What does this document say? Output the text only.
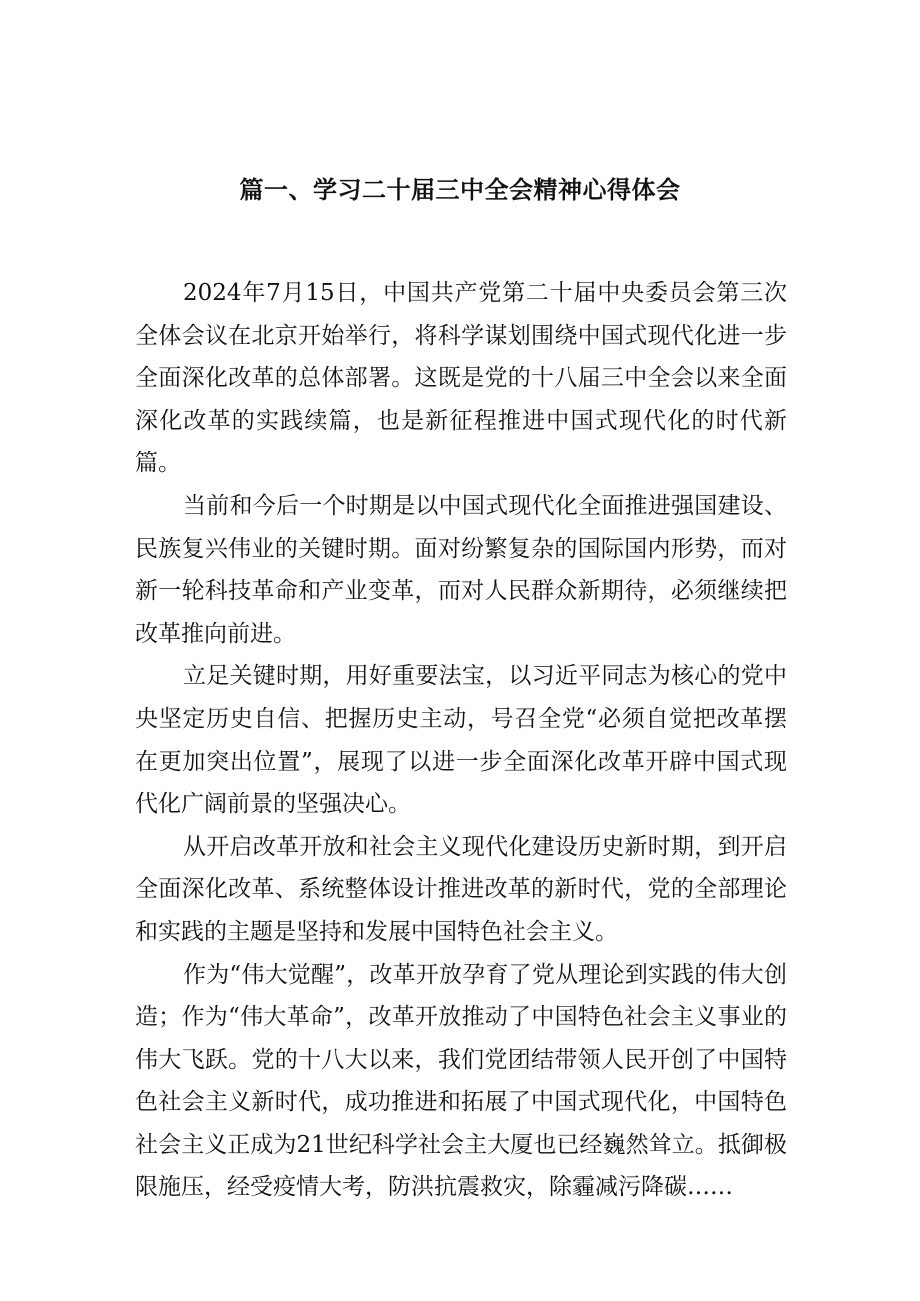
篇一、学习二十届三中全会精神心得体会

2024年7月15日，中国共产党第二十届中央委员会第三次全体会议在北京开始举行，将科学谋划围绕中国式现代化进一步全面深化改革的总体部署。这既是党的十八届三中全会以来全面深化改革的实践续篇，也是新征程推进中国式现代化的时代新篇。

当前和今后一个时期是以中国式现代化全面推进强国建设、民族复兴伟业的关键时期。面对纷繁复杂的国际国内形势，而对新一轮科技革命和产业变革，而对人民群众新期待，必须继续把改革推向前进。

立足关键时期，用好重要法宝，以习近平同志为核心的党中央坚定历史自信、把握历史主动，号召全党“必须自觉把改革摆在更加突出位置”，展现了以进一步全面深化改革开辟中国式现代化广阔前景的坚强决心。

从开启改革开放和社会主义现代化建设历史新时期，到开启全面深化改革、系统整体设计推进改革的新时代，党的全部理论和实践的主题是坚持和发展中国特色社会主义。

作为“伟大觉醒”，改革开放孕育了党从理论到实践的伟大创造；作为“伟大革命”，改革开放推动了中国特色社会主义事业的伟大飞跃。党的十八大以来，我们党团结带领人民开创了中国特色社会主义新时代，成功推进和拓展了中国式现代化，中国特色社会主义正成为21世纪科学社会主大厦也已经巍然耸立。抵御极限施压，经受疫情大考，防洪抗震救灾，除霾减污降碳……
